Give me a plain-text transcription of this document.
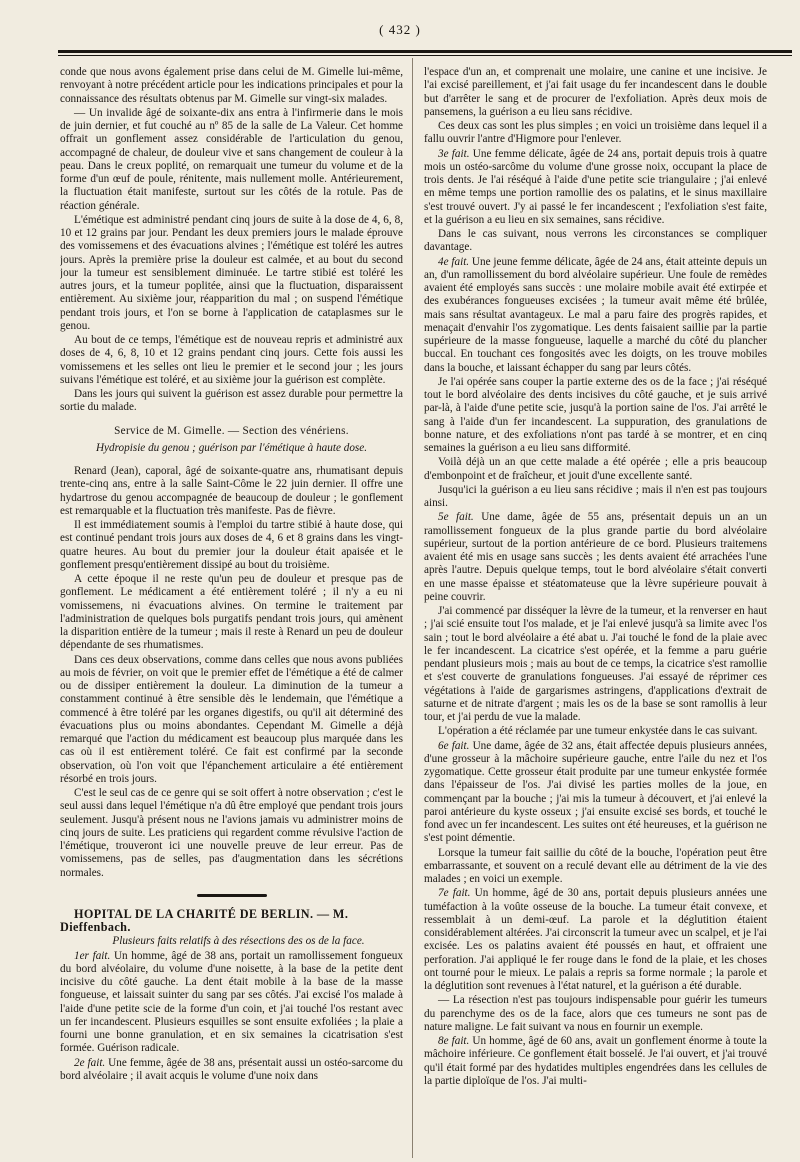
( 432 )

conde que nous avons également prise dans celui de M. Gimelle lui-même, renvoyant à notre précédent article pour les indications principales et pour la connaissance des résultats obtenus par M. Gimelle sur vingt-six malades.

— Un invalide âgé de soixante-dix ans entra à l'infirmerie dans le mois de juin dernier, et fut couché au nº 85 de la salle de La Valeur. Cet homme offrait un gonflement assez considérable de l'articulation du genou, accompagné de chaleur, de douleur vive et sans changement de couleur à la peau. Dans le creux poplité, on remarquait une tumeur du volume et de la forme d'un œuf de poule, rénitente, mais nullement molle. Antérieurement, la fluctuation était manifeste, surtout sur les côtés de la rotule. Pas de réaction générale.

L'émétique est administré pendant cinq jours de suite à la dose de 4, 6, 8, 10 et 12 grains par jour. Pendant les deux premiers jours le malade éprouve des vomissemens et des évacuations alvines ; l'émétique est toléré les autres jours. Après la première prise la douleur est calmée, et au bout du second jour la tumeur est sensiblement diminuée. Le tartre stibié est toléré les autres jours, et la tumeur poplitée, ainsi que la fluctuation, disparaissent entièrement. Au sixième jour, réapparition du mal ; on suspend l'émétique pendant trois jours, et l'on se borne à l'application de cataplasmes sur le genou.

Au bout de ce temps, l'émétique est de nouveau repris et administré aux doses de 4, 6, 8, 10 et 12 grains pendant cinq jours. Cette fois aussi les vomissemens et les selles ont lieu le premier et le second jour ; les jours suivans l'émétique est toléré, et au sixième jour la guérison est complète.

Dans les jours qui suivent la guérison est assez durable pour permettre la sortie du malade.

Service de M. Gimelle. — Section des vénériens.

Hydropisie du genou ; guérison par l'émétique à haute dose.

Renard (Jean), caporal, âgé de soixante-quatre ans, rhumatisant depuis trente-cinq ans, entre à la salle Saint-Côme le 22 juin dernier. Il offre une hydartrose du genou accompagnée de beaucoup de douleur ; le gonflement est remarquable et la fluctuation très manifeste. Pas de fièvre.

Il est immédiatement soumis à l'emploi du tartre stibié à haute dose, qui est continué pendant trois jours aux doses de 4, 6 et 8 grains dans les vingt-quatre heures. Au bout du premier jour la douleur était apaisée et le gonflement presqu'entièrement dissipé au bout du troisième.

A cette époque il ne reste qu'un peu de douleur et presque pas de gonflement. Le médicament a été entièrement toléré ; il n'y a eu ni vomissemens, ni évacuations alvines. On termine le traitement par l'administration de quelques bols purgatifs pendant trois jours, qui amènent la disparition entière de la tumeur ; mais il reste à Renard un peu de douleur dépendante de ses rhumatismes.

Dans ces deux observations, comme dans celles que nous avons publiées au mois de février, on voit que le premier effet de l'émétique a été de calmer ou de dissiper entièrement la douleur. La diminution de la tumeur a constamment continué à être sensible dès le lendemain, que l'émétique a commencé à être toléré par les organes digestifs, ou qu'il ait déterminé des évacuations plus ou moins abondantes. Cependant M. Gimelle a déjà remarqué que l'action du médicament est beaucoup plus marquée dans les cas où il est entièrement toléré. Ce fait est confirmé par la seconde observation, où l'on voit que l'épanchement articulaire a été entièrement résorbé en trois jours.

C'est le seul cas de ce genre qui se soit offert à notre observation ; c'est le seul aussi dans lequel l'émétique n'a dû être employé que pendant trois jours seulement. Jusqu'à présent nous ne l'avions jamais vu administrer moins de cinq jours de suite. Les praticiens qui regardent comme révulsive l'action de l'émétique, trouveront ici une nouvelle preuve de leur erreur. Pas de vomissemens, pas de selles, pas d'augmentation dans les sécrétions normales.

HOPITAL DE LA CHARITÉ DE BERLIN. — M. Dieffenbach.

Plusieurs faits relatifs à des résections des os de la face.

1er fait. Un homme, âgé de 38 ans, portait un ramollissement fongueux du bord alvéolaire, du volume d'une noisette, à la base de la petite dent incisive du côté gauche. La dent était mobile à la base de la masse fongueuse, et laissait suinter du sang par ses côtés. J'ai excisé l'os malade à l'aide d'une petite scie de la forme d'un coin, et j'ai touché l'os restant avec un fer incandescent. Plusieurs esquilles se sont ensuite exfoliées ; la plaie a fourni une bonne granulation, et en six semaines la cicatrisation s'est formée. Guérison radicale.

2e fait. Une femme, âgée de 38 ans, présentait aussi un ostéo-sarcome du bord alvéolaire ; il avait acquis le volume d'une noix dans

l'espace d'un an, et comprenait une molaire, une canine et une incisive. Je l'ai excisé pareillement, et j'ai fait usage du fer incandescent dans le double but d'arrêter le sang et de procurer de l'exfoliation. Après deux mois de pansemens, la guérison a eu lieu sans récidive.

Ces deux cas sont les plus simples ; en voici un troisième dans lequel il a fallu ouvrir l'antre d'Higmore pour l'enlever.

3e fait. Une femme délicate, âgée de 24 ans, portait depuis trois à quatre mois un ostéo-sarcôme du volume d'une grosse noix, occupant la place de trois dents. Je l'ai réséqué à l'aide d'une petite scie triangulaire ; j'ai enlevé en même temps une portion ramollie des os palatins, et le sinus maxillaire s'est trouvé ouvert. J'y ai passé le fer incandescent ; l'exfoliation s'est faite, et la guérison a eu lieu en six semaines, sans récidive.

Dans le cas suivant, nous verrons les circonstances se compliquer davantage.

4e fait. Une jeune femme délicate, âgée de 24 ans, était atteinte depuis un an, d'un ramollissement du bord alvéolaire supérieur. Une foule de remèdes avaient été employés sans succès : une molaire mobile avait été extirpée et des exubérances fongueuses excisées ; la tumeur avait même été brûlée, mais sans résultat avantageux. Le mal a paru faire des progrès rapides, et menaçait d'envahir l'os zygomatique. Les dents faisaient saillie par la partie supérieure de la masse fongueuse, laquelle a marché du côté du plancher buccal. En touchant ces fongosités avec les doigts, on les trouve mobiles dans la bouche, et laissant échapper du sang par leurs côtés.

Je l'ai opérée sans couper la partie externe des os de la face ; j'ai réséqué tout le bord alvéolaire des dents incisives du côté gauche, et je suis arrivé par-là, à l'aide d'une petite scie, jusqu'à la portion saine de l'os. J'ai arrêté le sang à l'aide d'un fer incandescent. La suppuration, des granulations de bonne nature, et des exfoliations n'ont pas tardé à se montrer, et en cinq semaines la guérison a eu lieu sans difformité.

Voilà déjà un an que cette malade a été opérée ; elle a pris beaucoup d'embonpoint et de fraîcheur, et jouit d'une excellente santé.

Jusqu'ici la guérison a eu lieu sans récidive ; mais il n'en est pas toujours ainsi.

5e fait. Une dame, âgée de 55 ans, présentait depuis un an un ramollissement fongueux de la plus grande partie du bord alvéolaire supérieur, surtout de la portion antérieure de ce bord. Plusieurs traitemens avaient été mis en usage sans succès ; les dents avaient été arrachées l'une après l'autre. Depuis quelque temps, tout le bord alvéolaire s'était converti en une masse épaisse et stéatomateuse que la lèvre supérieure pouvait à peine couvrir.

J'ai commencé par disséquer la lèvre de la tumeur, et la renverser en haut ; j'ai scié ensuite tout l'os malade, et je l'ai enlevé jusqu'à sa limite avec l'os sain ; tout le bord alvéolaire a été abat u. J'ai touché le fond de la plaie avec le fer incandescent. La cicatrice s'est opérée, et la femme a paru guérie pendant plusieurs mois ; mais au bout de ce temps, la cicatrice s'est ramollie et s'est couverte de granulations fongueuses. J'ai essayé de réprimer ces végétations à l'aide de gargarismes astringens, d'applications d'extrait de saturne et de nitrate d'argent ; mais les os de la base se sont ramollis à leur tour, et j'ai perdu de vue la malade.

L'opération a été réclamée par une tumeur enkystée dans le cas suivant.

6e fait. Une dame, âgée de 32 ans, était affectée depuis plusieurs années, d'une grosseur à la mâchoire supérieure gauche, entre l'aile du nez et l'os zygomatique. Cette grosseur était produite par une tumeur enkystée formée dans l'épaisseur de l'os. J'ai divisé les parties molles de la joue, en commençant par la bouche ; j'ai mis la tumeur à découvert, et j'ai enlevé la paroi antérieure du kyste osseux ; j'ai ensuite excisé ses bords, et touché le fond avec un fer incandescent. Les suites ont été heureuses, et la guérison ne s'est point démentie.

Lorsque la tumeur fait saillie du côté de la bouche, l'opération peut être embarrassante, et souvent on a reculé devant elle au détriment de la vie des malades ; en voici un exemple.

7e fait. Un homme, âgé de 30 ans, portait depuis plusieurs années une tuméfaction à la voûte osseuse de la bouche. La tumeur était convexe, et ressemblait à un demi-œuf. La parole et la déglutition étaient considérablement altérées. J'ai circonscrit la tumeur avec un scalpel, et je l'ai excisée. Les os palatins avaient été poussés en haut, et offraient une perforation. J'ai appliqué le fer rouge dans le fond de la plaie, et les choses ont tourné pour le mieux. Le palais a repris sa forme normale ; la parole et la déglutition sont revenues à l'état naturel, et la guérison a été durable.

— La résection n'est pas toujours indispensable pour guérir les tumeurs du parenchyme des os de la face, alors que ces tumeurs ne sont pas de nature maligne. Le fait suivant va nous en fournir un exemple.

8e fait. Un homme, âgé de 60 ans, avait un gonflement énorme à toute la mâchoire inférieure. Ce gonflement était bosselé. Je l'ai ouvert, et j'ai trouvé qu'il était formé par des hydatides multiples engendrées dans les cellules de la partie diploïque de l'os. J'ai multi-
